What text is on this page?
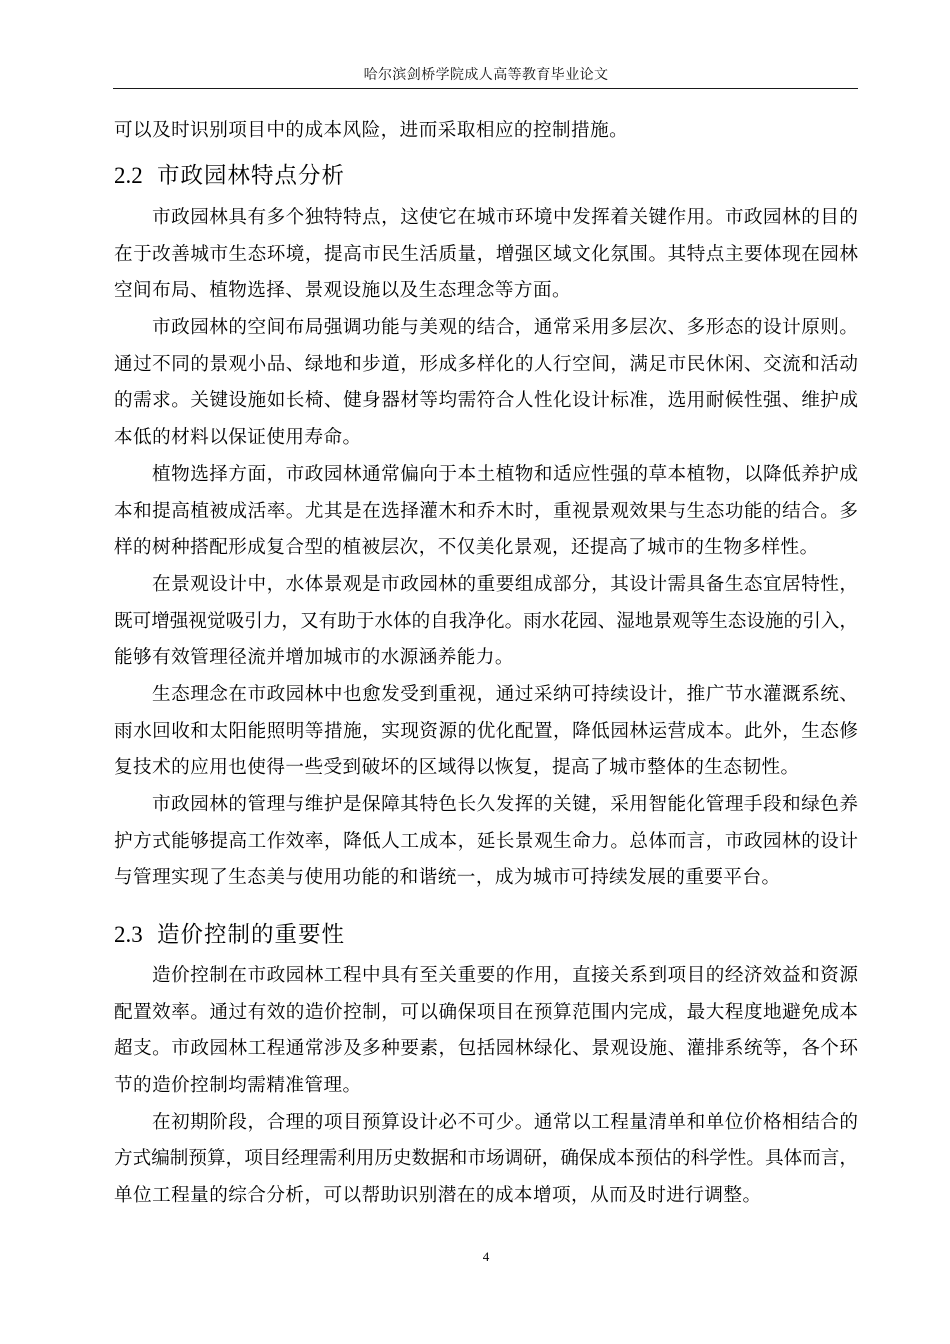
哈尔滨剑桥学院成人高等教育毕业论文
可以及时识别项目中的成本风险，进而采取相应的控制措施。
2.2 市政园林特点分析
市政园林具有多个独特特点，这使它在城市环境中发挥着关键作用。市政园林的目的
在于改善城市生态环境，提高市民生活质量，增强区域文化氛围。其特点主要体现在园林
空间布局、植物选择、景观设施以及生态理念等方面。
市政园林的空间布局强调功能与美观的结合，通常采用多层次、多形态的设计原则。
通过不同的景观小品、绿地和步道，形成多样化的人行空间，满足市民休闲、交流和活动
的需求。关键设施如长椅、健身器材等均需符合人性化设计标准，选用耐候性强、维护成
本低的材料以保证使用寿命。
植物选择方面，市政园林通常偏向于本土植物和适应性强的草本植物，以降低养护成
本和提高植被成活率。尤其是在选择灌木和乔木时，重视景观效果与生态功能的结合。多
样的树种搭配形成复合型的植被层次，不仅美化景观，还提高了城市的生物多样性。
在景观设计中，水体景观是市政园林的重要组成部分，其设计需具备生态宜居特性，
既可增强视觉吸引力，又有助于水体的自我净化。雨水花园、湿地景观等生态设施的引入，
能够有效管理径流并增加城市的水源涵养能力。
生态理念在市政园林中也愈发受到重视，通过采纳可持续设计，推广节水灌溉系统、
雨水回收和太阳能照明等措施，实现资源的优化配置，降低园林运营成本。此外，生态修
复技术的应用也使得一些受到破坏的区域得以恢复，提高了城市整体的生态韧性。
市政园林的管理与维护是保障其特色长久发挥的关键，采用智能化管理手段和绿色养
护方式能够提高工作效率，降低人工成本，延长景观生命力。总体而言，市政园林的设计
与管理实现了生态美与使用功能的和谐统一，成为城市可持续发展的重要平台。
2.3 造价控制的重要性
造价控制在市政园林工程中具有至关重要的作用，直接关系到项目的经济效益和资源
配置效率。通过有效的造价控制，可以确保项目在预算范围内完成，最大程度地避免成本
超支。市政园林工程通常涉及多种要素，包括园林绿化、景观设施、灌排系统等，各个环
节的造价控制均需精准管理。
在初期阶段，合理的项目预算设计必不可少。通常以工程量清单和单位价格相结合的
方式编制预算，项目经理需利用历史数据和市场调研，确保成本预估的科学性。具体而言，
单位工程量的综合分析，可以帮助识别潜在的成本增项，从而及时进行调整。
4
